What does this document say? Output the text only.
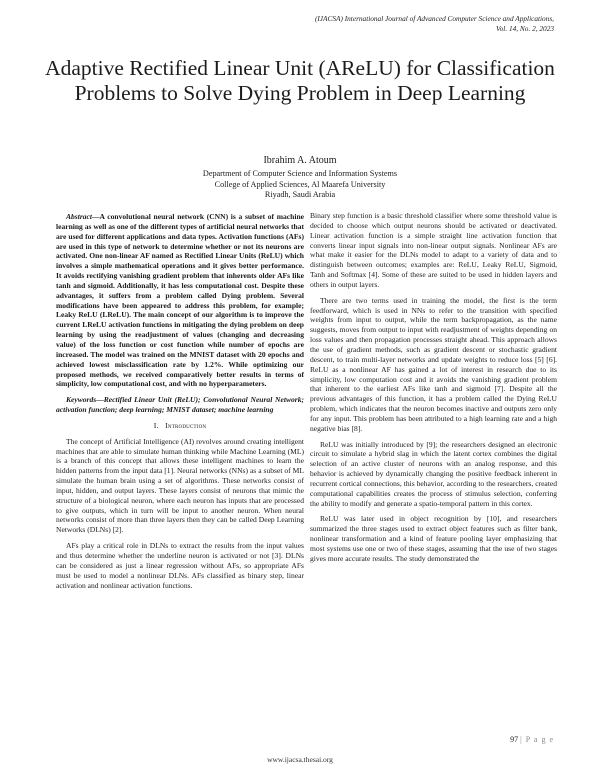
(IJACSA) International Journal of Advanced Computer Science and Applications,
Vol. 14, No. 2, 2023
Adaptive Rectified Linear Unit (AReLU) for Classification Problems to Solve Dying Problem in Deep Learning
Ibrahim A. Atoum
Department of Computer Science and Information Systems
College of Applied Sciences, Al Maarefa University
Riyadh, Saudi Arabia

Abstract—A convolutional neural network (CNN) is a subset of machine learning as well as one of the different types of artificial neural networks that are used for different applications and data types. Activation functions (AFs) are used in this type of network to determine whether or not its neurons are activated. One non-linear AF named as Rectified Linear Units (ReLU) which involves a simple mathematical operations and it gives better performance. It avoids rectifying vanishing gradient problem that inherents older AFs like tanh and sigmoid. Additionally, it has less computational cost. Despite these advantages, it suffers from a problem called Dying problem. Several modifications have been appeared to address this problem, for example; Leaky ReLU (LReLU). The main concept of our algorithm is to improve the current LReLU activation functions in mitigating the dying problem on deep learning by using the readjustment of values (changing and decreasing value) of the loss function or cost function while number of epochs are increased. The model was trained on the MNIST dataset with 20 epochs and achieved lowest misclassification rate by 1.2%. While optimizing our proposed methods, we received comparatively better results in terms of simplicity, low computational cost, and with no hyperparameters.

Keywords—Rectified Linear Unit (ReLU); Convolutional Neural Network; activation function; deep learning; MNIST dataset; machine learning

I. Introduction

The concept of Artificial Intelligence (AI) revolves around creating intelligent machines that are able to simulate human thinking while Machine Learning (ML) is a branch of this concept that allows these intelligent machines to learn the hidden patterns from the input data [1]. Neural networks (NNs) as a subset of ML simulate the human brain using a set of algorithms. These networks consist of input, hidden, and output layers. These layers consist of neurons that mimic the structure of a biological neuron, where each neuron has inputs that are processed to give outputs, which in turn will be input to another neuron. When neural networks consist of more than three layers then they can be called Deep Learning Networks (DLNs) [2].

AFs play a critical role in DLNs to extract the results from the input values and thus determine whether the underline neuron is activated or not [3]. DLNs can be considered as just a linear regression without AFs, so appropriate AFs must be used to model a nonlinear DLNs. AFs classified as binary step, linear activation and nonlinear activation functions.

Binary step function is a basic threshold classifier where some threshold value is decided to choose which output neurons should be activated or deactivated. Linear activation function is a simple straight line activation function that converts linear input signals into non-linear output signals. Nonlinear AFs are what make it easier for the DLNs model to adapt to a variety of data and to distinguish between outcomes; examples are: ReLU, Leaky ReLU, Sigmoid, Tanh and Softmax [4]. Some of these are suited to be used in hidden layers and others in output layers.

There are two terms used in training the model, the first is the term feedforward, which is used in NNs to refer to the transition with specified weights from input to output, while the term backpropagation, as the name suggests, moves from output to input with readjustment of weights depending on loss values and then propagation processes straight ahead. This approach allows the use of gradient methods, such as gradient descent or stochastic gradient descent, to train multi-layer networks and update weights to reduce loss [5] [6]. ReLU as a nonlinear AF has gained a lot of interest in research due to its simplicity, low computation cost and it avoids the vanishing gradient problem that inherent to the earliest AFs like tanh and sigmoid [7]. Despite all the previous advantages of this function, it has a problem called the Dying ReLU problem, which indicates that the neuron becomes inactive and outputs zero only for any input. This problem has been attributed to a high learning rate and a high negative bias [8].

ReLU was initially introduced by [9]; the researchers designed an electronic circuit to simulate a hybrid slag in which the latent cortex combines the digital selection of an active cluster of neurons with an analog response, and this behavior is achieved by dynamically changing the positive feedback inherent in recurrent cortical connections, this behavior, according to the researchers, created computational capabilities creates the process of stimulus selection, conferring the ability to modify and generate a spatio-temporal pattern in this cortex.

ReLU was later used in object recognition by [10], and researchers summarized the three stages used to extract object features such as filter bank, nonlinear transformation and a kind of feature pooling layer emphasizing that most systems use one or two of these stages, assuming that the use of two stages gives more accurate results. The study demonstrated the

97 | P a g e
www.ijacsa.thesai.org
